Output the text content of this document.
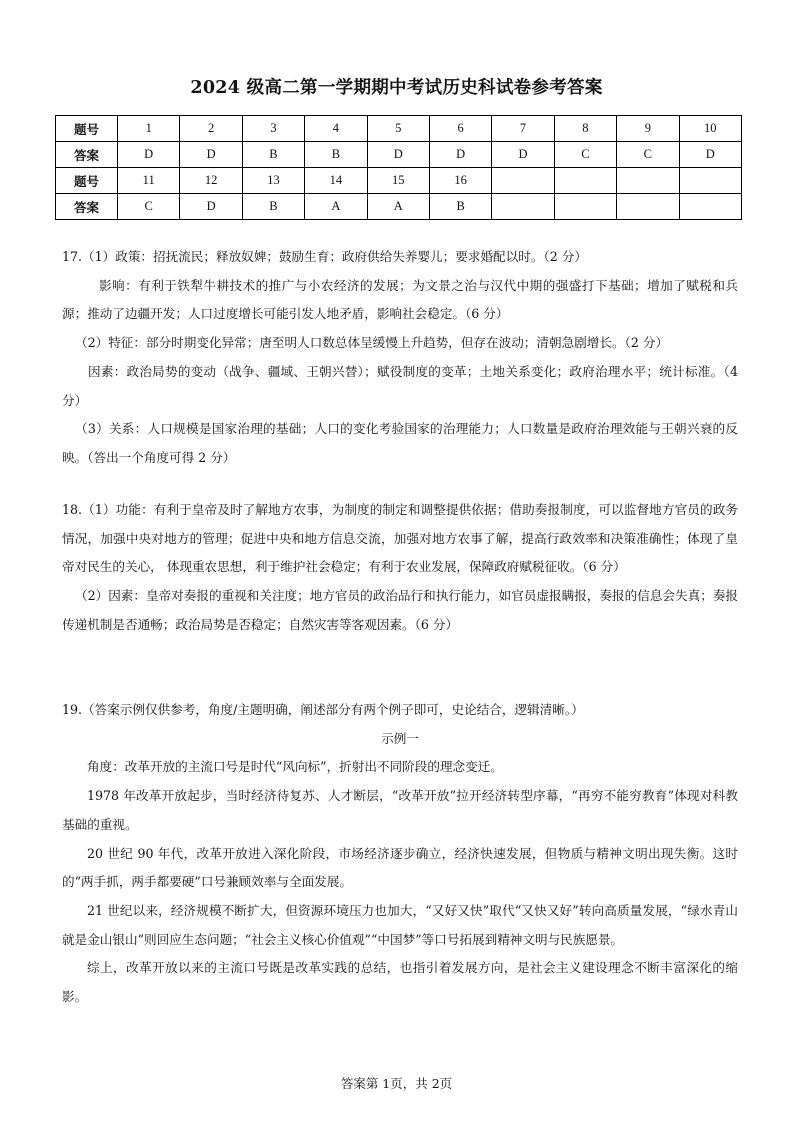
2024 级高二第一学期期中考试历史科试卷参考答案
题号	1	2	3	4	5	6	7	8	9	10
答案	D	D	B	B	D	D	D	C	C	D
题号	11	12	13	14	15	16				
答案	C	D	B	A	A	B				

17.（1）政策：招抚流民；释放奴婢；鼓励生育；政府供给失养婴儿；要求婚配以时。（2 分）

影响：有利于铁犁牛耕技术的推广与小农经济的发展；为文景之治与汉代中期的强盛打下基础；增加了赋税和兵源；推动了边疆开发；人口过度增长可能引发人地矛盾，影响社会稳定。（6 分）

（2）特征：部分时期变化异常；唐至明人口数总体呈缓慢上升趋势，但存在波动；清朝急剧增长。（2 分）

因素：政治局势的变动（战争、疆域、王朝兴替）；赋役制度的变革；土地关系变化；政府治理水平；统计标准。（4 分）

（3）关系：人口规模是国家治理的基础；人口的变化考验国家的治理能力；人口数量是政府治理效能与王朝兴衰的反映。（答出一个角度可得 2 分）

18.（1）功能：有利于皇帝及时了解地方农事，为制度的制定和调整提供依据；借助奏报制度，可以监督地方官员的政务情况，加强中央对地方的管理；促进中央和地方信息交流，加强对地方农事了解，提高行政效率和决策准确性；体现了皇帝对民生的关心， 体现重农思想，利于维护社会稳定；有利于农业发展，保障政府赋税征收。（6 分）

（2）因素：皇帝对奏报的重视和关注度；地方官员的政治品行和执行能力，如官员虚报瞒报，奏报的信息会失真；奏报传递机制是否通畅；政治局势是否稳定；自然灾害等客观因素。（6 分）

19.（答案示例仅供参考，角度/主题明确，阐述部分有两个例子即可，史论结合，逻辑清晰。）

示例一

角度：改革开放的主流口号是时代“风向标”，折射出不同阶段的理念变迁。

1978 年改革开放起步，当时经济待复苏、人才断层，“改革开放”拉开经济转型序幕，“再穷不能穷教育”体现对科教基础的重视。

20 世纪 90 年代，改革开放进入深化阶段，市场经济逐步确立，经济快速发展，但物质与精神文明出现失衡。这时的“两手抓，两手都要硬”口号兼顾效率与全面发展。

21 世纪以来，经济规模不断扩大，但资源环境压力也加大，“又好又快”取代“又快又好”转向高质量发展，“绿水青山就是金山银山”则回应生态问题；“社会主义核心价值观”“中国梦”等口号拓展到精神文明与民族愿景。

综上，改革开放以来的主流口号既是改革实践的总结，也指引着发展方向，是社会主义建设理念不断丰富深化的缩影。

答案第 1页，共 2页
